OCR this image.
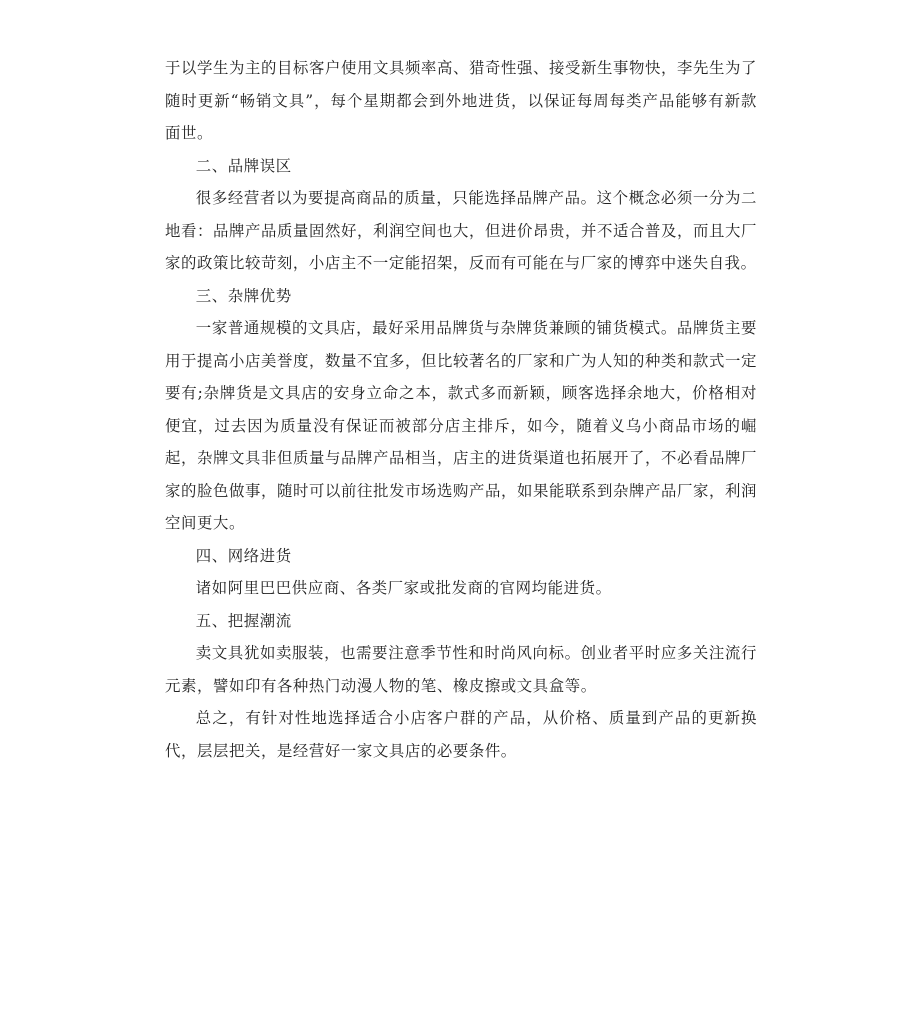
于以学生为主的目标客户使用文具频率高、猎奇性强、接受新生事物快，李先生为了随时更新“畅销文具”，每个星期都会到外地进货，以保证每周每类产品能够有新款面世。

二、品牌误区

很多经营者以为要提高商品的质量，只能选择品牌产品。这个概念必须一分为二地看：品牌产品质量固然好，利润空间也大，但进价昂贵，并不适合普及，而且大厂家的政策比较苛刻，小店主不一定能招架，反而有可能在与厂家的博弈中迷失自我。

三、杂牌优势

一家普通规模的文具店，最好采用品牌货与杂牌货兼顾的铺货模式。品牌货主要用于提高小店美誉度，数量不宜多，但比较著名的厂家和广为人知的种类和款式一定要有;杂牌货是文具店的安身立命之本，款式多而新颖，顾客选择余地大，价格相对便宜，过去因为质量没有保证而被部分店主排斥，如今，随着义乌小商品市场的崛起，杂牌文具非但质量与品牌产品相当，店主的进货渠道也拓展开了，不必看品牌厂家的脸色做事，随时可以前往批发市场选购产品，如果能联系到杂牌产品厂家，利润空间更大。

四、网络进货

诸如阿里巴巴供应商、各类厂家或批发商的官网均能进货。

五、把握潮流

卖文具犹如卖服装，也需要注意季节性和时尚风向标。创业者平时应多关注流行元素，譬如印有各种热门动漫人物的笔、橡皮擦或文具盒等。

总之，有针对性地选择适合小店客户群的产品，从价格、质量到产品的更新换代，层层把关，是经营好一家文具店的必要条件。
